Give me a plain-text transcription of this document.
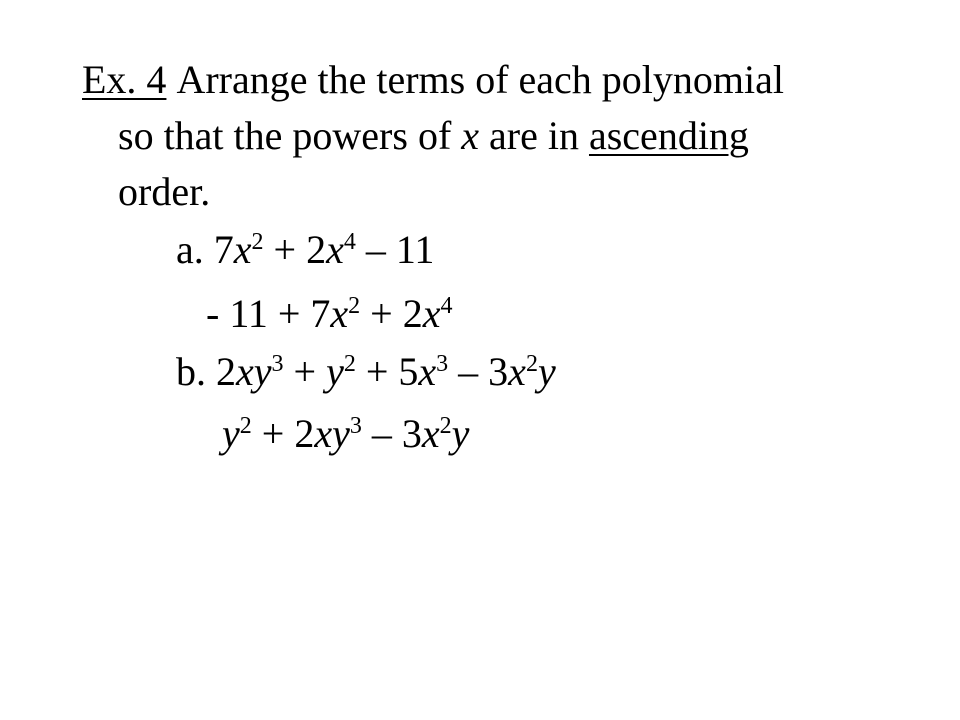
Ex. 4 Arrange the terms of each polynomial
so that the powers of x are in ascending
order.
a. $7x^2 + 2x^4 - 11$
- $11 + 7x^2 + 2x^4$
b. $2xy^3 + y^2 + 5x^3 - 3x^2y$
$y^2 + 2xy^3 - 3x^2y$
